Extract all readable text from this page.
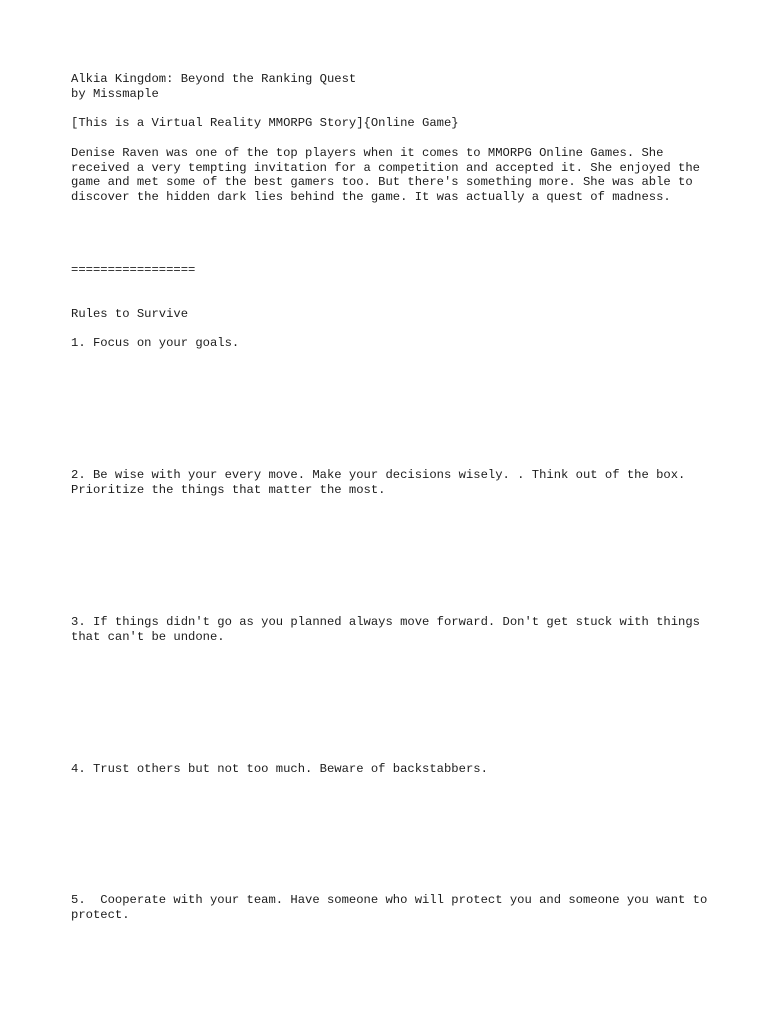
Alkia Kingdom: Beyond the Ranking Quest
by Missmaple
[This is a Virtual Reality MMORPG Story]{Online Game}
Denise Raven was one of the top players when it comes to MMORPG Online Games. She received a very tempting invitation for a competition and accepted it. She enjoyed the game and met some of the best gamers too. But there's something more. She was able to discover the hidden dark lies behind the game. It was actually a quest of madness.
=================
Rules to Survive
1. Focus on your goals.
2. Be wise with your every move. Make your decisions wisely. . Think out of the box. Prioritize the things that matter the most.
3. If things didn't go as you planned always move forward. Don't get stuck with things that can't be undone.
4. Trust others but not too much. Beware of backstabbers.
5.  Cooperate with your team. Have someone who will protect you and someone you want to protect.
